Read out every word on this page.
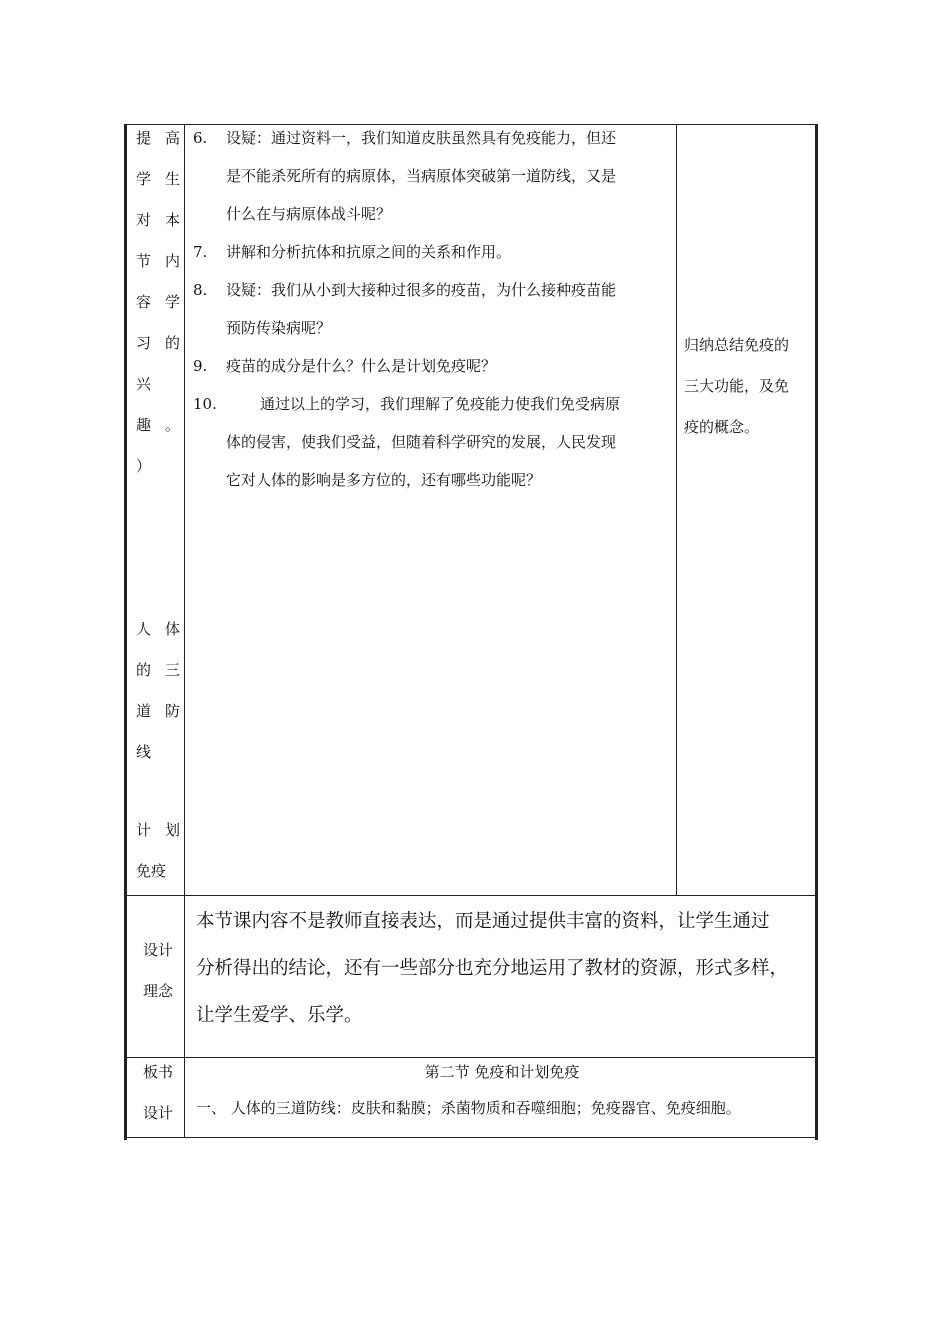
提 高
学 生
对 本
节 内
容 学
习 的
兴
趣 。
）
人 体
的 三
道 防
线
计 划
免疫
6. 设疑：通过资料一，我们知道皮肤虽然具有免疫能力，但还
是不能杀死所有的病原体，当病原体突破第一道防线，又是
什么在与病原体战斗呢？
7. 讲解和分析抗体和抗原之间的关系和作用。
8. 设疑：我们从小到大接种过很多的疫苗，为什么接种疫苗能
预防传染病呢？
9. 疫苗的成分是什么？什么是计划免疫呢？
10.	通过以上的学习，我们理解了免疫能力使我们免受病原
体的侵害，使我们受益，但随着科学研究的发展，人民发现
它对人体的影响是多方位的，还有哪些功能呢？
归纳总结免疫的
三大功能，及免
疫的概念。
设计
理念
本节课内容不是教师直接表达，而是通过提供丰富的资料，让学生通过
分析得出的结论，还有一些部分也充分地运用了教材的资源，形式多样，
让学生爱学、乐学。
板书
设计
第二节 免疫和计划免疫
一、 人体的三道防线：皮肤和黏膜；杀菌物质和吞噬细胞；免疫器官、免疫细胞。
